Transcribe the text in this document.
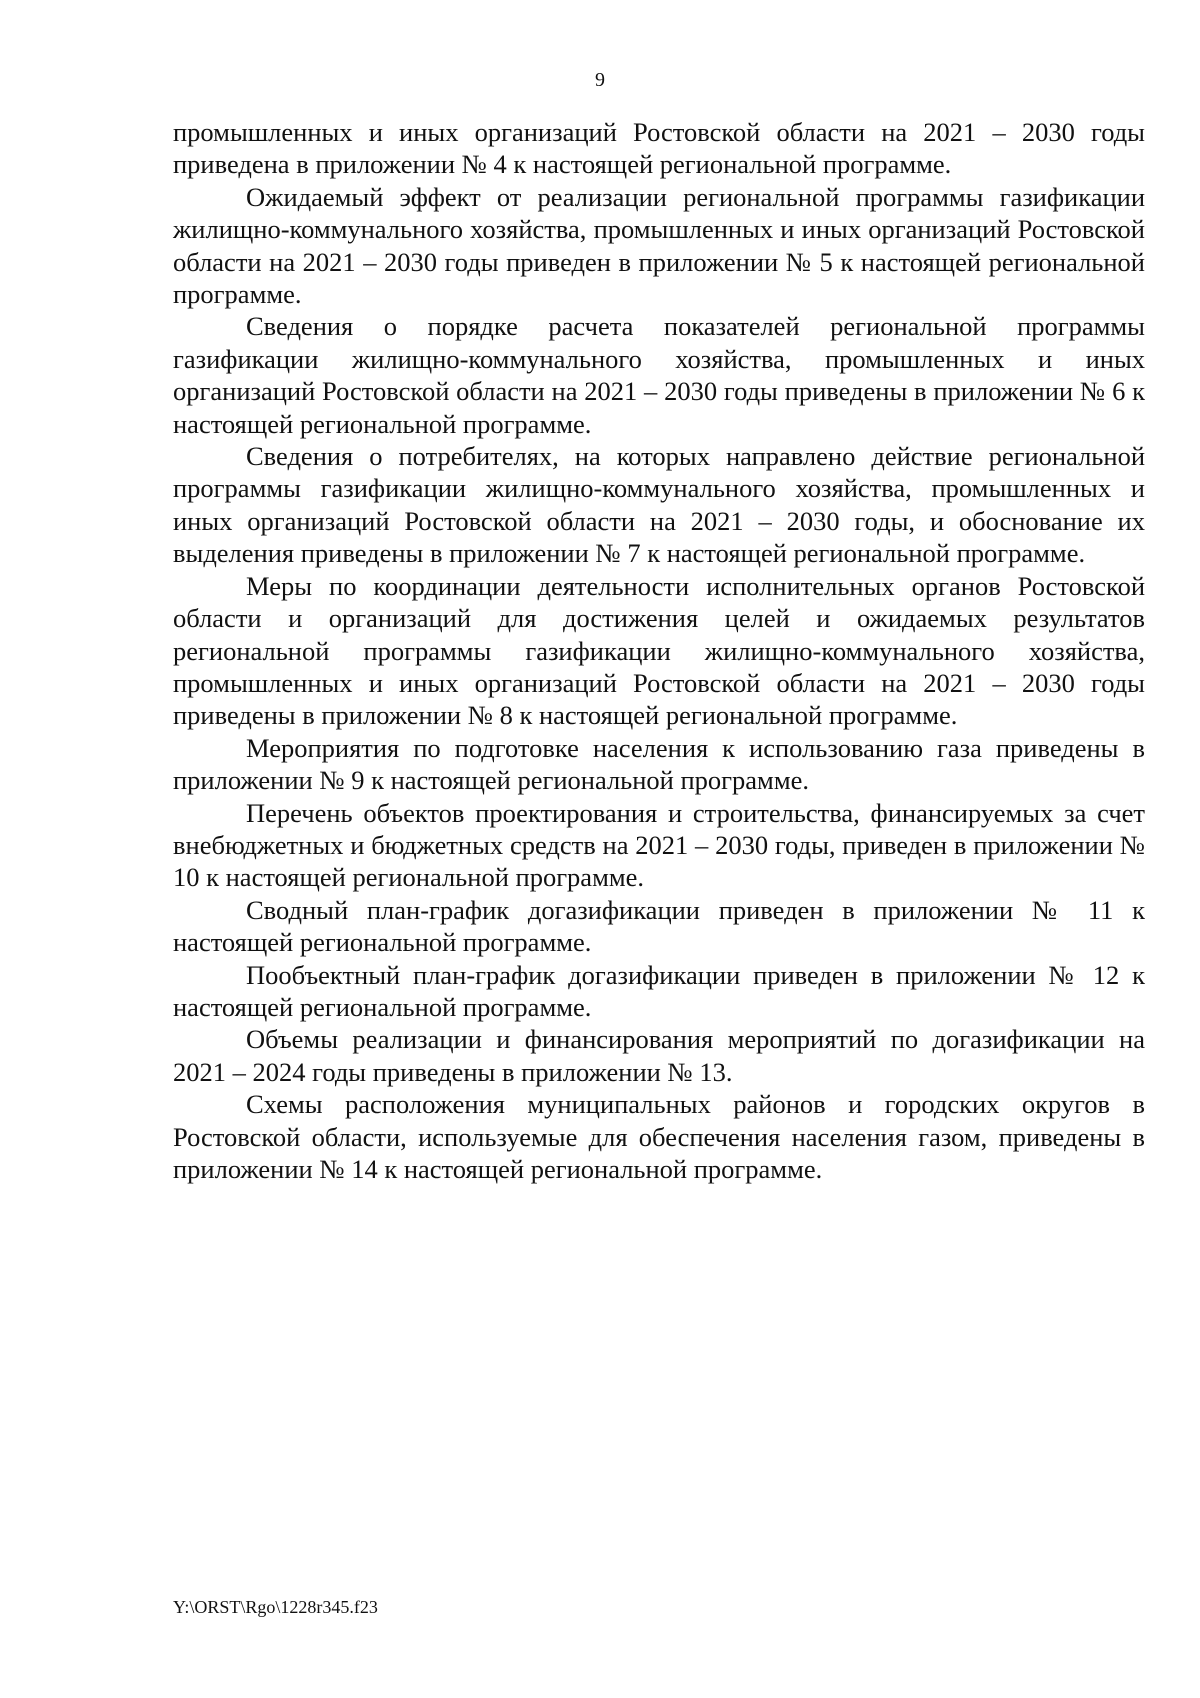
9

промышленных и иных организаций Ростовской области на 2021 – 2030 годы приведена в приложении № 4 к настоящей региональной программе.

Ожидаемый эффект от реализации региональной программы газификации жилищно-коммунального хозяйства, промышленных и иных организаций Ростовской области на 2021 – 2030 годы приведен в приложении № 5 к настоящей региональной программе.

Сведения о порядке расчета показателей региональной программы газификации жилищно-коммунального хозяйства, промышленных и иных организаций Ростовской области на 2021 – 2030 годы приведены в приложении № 6 к настоящей региональной программе.

Сведения о потребителях, на которых направлено действие региональной программы газификации жилищно-коммунального хозяйства, промышленных и иных организаций Ростовской области на 2021 – 2030 годы, и обоснование их выделения приведены в приложении № 7 к настоящей региональной программе.

Меры по координации деятельности исполнительных органов Ростовской области и организаций для достижения целей и ожидаемых результатов региональной программы газификации жилищно-коммунального хозяйства, промышленных и иных организаций Ростовской области на 2021 – 2030 годы приведены в приложении № 8 к настоящей региональной программе.

Мероприятия по подготовке населения к использованию газа приведены в приложении № 9 к настоящей региональной программе.

Перечень объектов проектирования и строительства, финансируемых за счет внебюджетных и бюджетных средств на 2021 – 2030 годы, приведен в приложении № 10 к настоящей региональной программе.

Сводный план-график догазификации приведен в приложении № 11 к настоящей региональной программе.

Пообъектный план-график догазификации приведен в приложении № 12 к настоящей региональной программе.

Объемы реализации и финансирования мероприятий по догазификации на 2021 – 2024 годы приведены в приложении № 13.

Схемы расположения муниципальных районов и городских округов в Ростовской области, используемые для обеспечения населения газом, приведены в приложении № 14 к настоящей региональной программе.

Y:\ORST\Rgo\1228r345.f23
